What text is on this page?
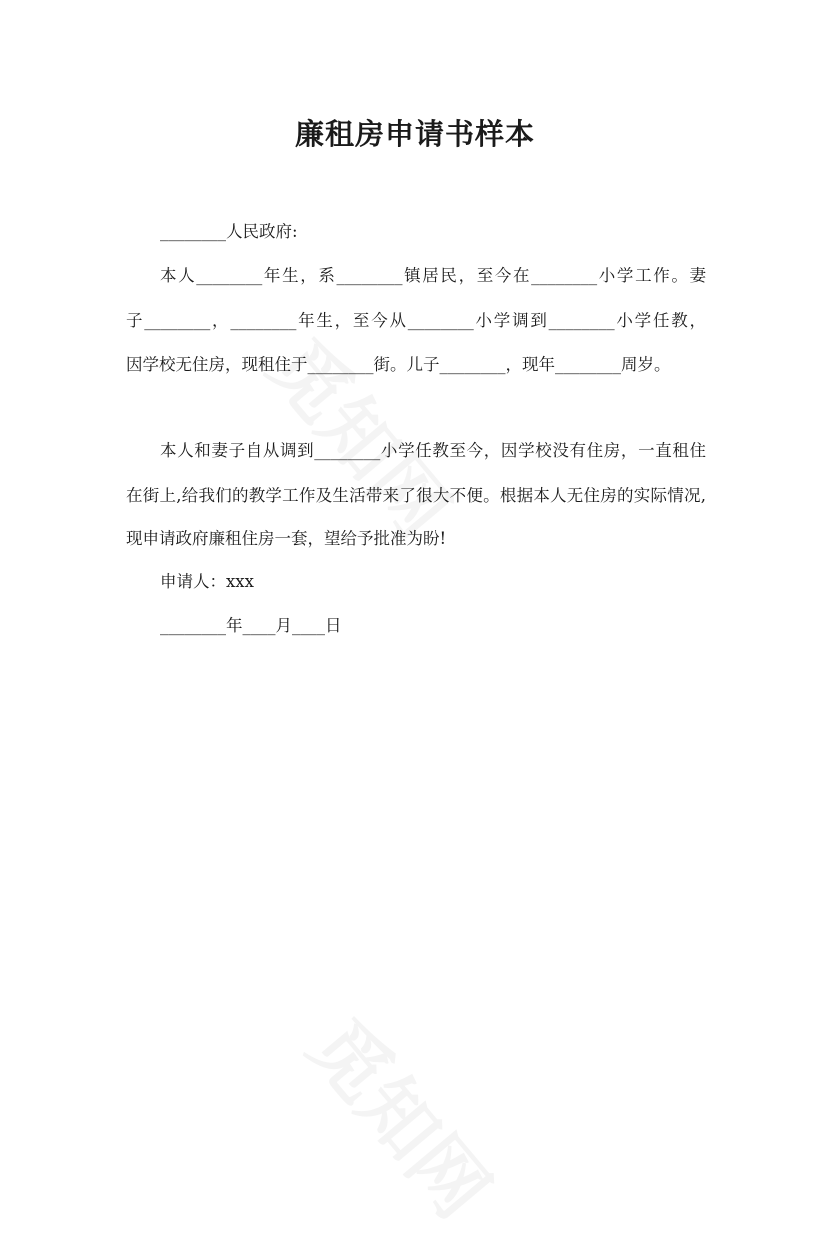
廉租房申请书样本

________人民政府:

本人________年生，系________镇居民，至今在________小学工作。妻

子________，________年生，至今从________小学调到________小学任教，

因学校无住房，现租住于________街。儿子________，现年________周岁。

本人和妻子自从调到________小学任教至今，因学校没有住房，一直租住

在街上,给我们的教学工作及生活带来了很大不便。根据本人无住房的实际情况,

现申请政府廉租住房一套，望给予批准为盼!

申请人：xxx

________年____月____日
